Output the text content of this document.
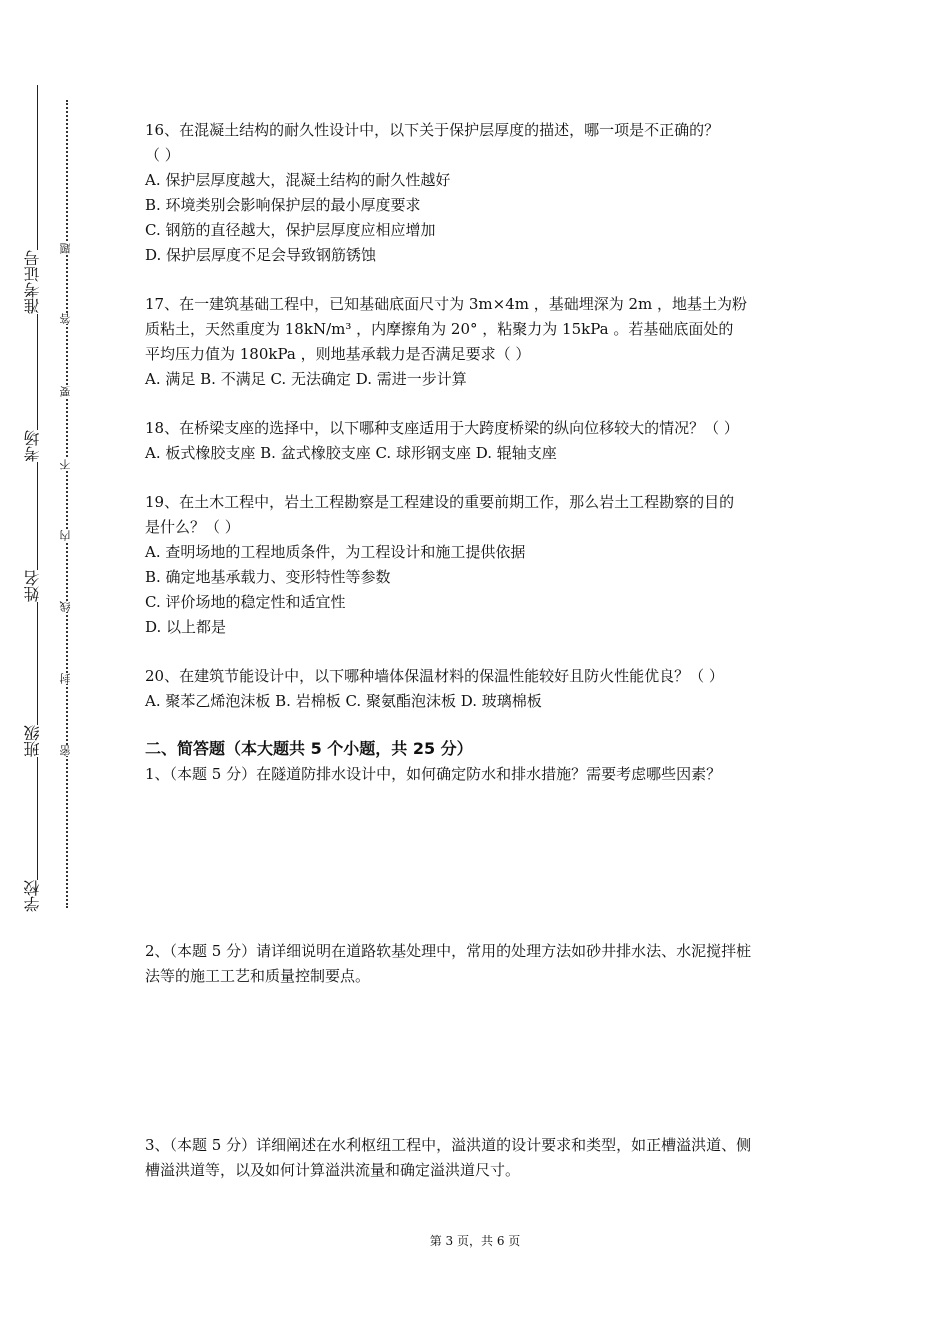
准考证号
考场
姓名
班级
学校
题
答
要
不
内
线
封
密
16、在混凝土结构的耐久性设计中，以下关于保护层厚度的描述，哪一项是不正确的？
（ ）
A. 保护层厚度越大，混凝土结构的耐久性越好
B. 环境类别会影响保护层的最小厚度要求
C. 钢筋的直径越大，保护层厚度应相应增加
D. 保护层厚度不足会导致钢筋锈蚀
17、在一建筑基础工程中，已知基础底面尺寸为 3m×4m ，基础埋深为 2m ，地基土为粉
质粘土，天然重度为 18kN/m³ ，内摩擦角为 20° ，粘聚力为 15kPa 。若基础底面处的
平均压力值为 180kPa ，则地基承载力是否满足要求（ ）
A. 满足 B. 不满足 C. 无法确定 D. 需进一步计算
18、在桥梁支座的选择中，以下哪种支座适用于大跨度桥梁的纵向位移较大的情况？（ ）
A. 板式橡胶支座 B. 盆式橡胶支座 C. 球形钢支座 D. 辊轴支座
19、在土木工程中，岩土工程勘察是工程建设的重要前期工作，那么岩土工程勘察的目的
是什么？（ ）
A. 查明场地的工程地质条件，为工程设计和施工提供依据
B. 确定地基承载力、变形特性等参数
C. 评价场地的稳定性和适宜性
D. 以上都是
20、在建筑节能设计中，以下哪种墙体保温材料的保温性能较好且防火性能优良？（ ）
A. 聚苯乙烯泡沫板 B. 岩棉板 C. 聚氨酯泡沫板 D. 玻璃棉板
二、简答题（本大题共 5 个小题，共 25 分）
1、（本题 5 分）在隧道防排水设计中，如何确定防水和排水措施？需要考虑哪些因素？
2、（本题 5 分）请详细说明在道路软基处理中，常用的处理方法如砂井排水法、水泥搅拌桩
法等的施工工艺和质量控制要点。
3、（本题 5 分）详细阐述在水利枢纽工程中，溢洪道的设计要求和类型，如正槽溢洪道、侧
槽溢洪道等，以及如何计算溢洪流量和确定溢洪道尺寸。
第 3 页，共 6 页
